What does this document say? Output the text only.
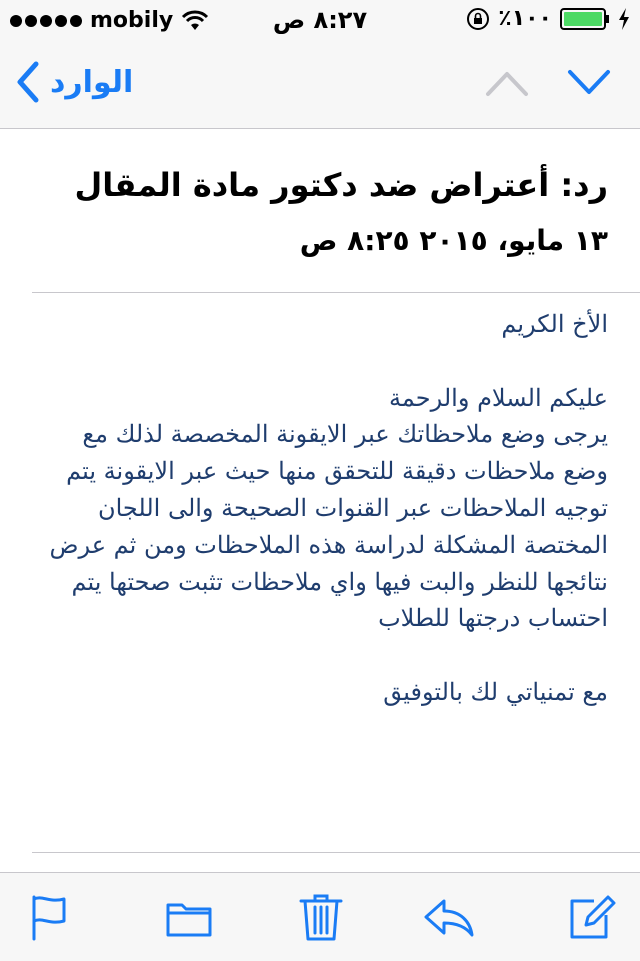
mobily	٨:٢٧ ص	٪١٠٠
الوارد
رد: أعتراض ضد دكتور مادة المقال
١٣ مايو، ٢٠١٥ ٨:٢٥ ص

الأخ الكريم

عليكم السلام والرحمة

يرجى وضع ملاحظاتك عبر الايقونة المخصصة لذلك مع

وضع ملاحظات دقيقة للتحقق منها حيث عبر الايقونة يتم

توجيه الملاحظات عبر القنوات الصحيحة والى اللجان

المختصة المشكلة لدراسة هذه الملاحظات ومن ثم عرض

نتائجها للنظر والبت فيها واي ملاحظات تثبت صحتها يتم

احتساب درجتها للطلاب

مع تمنياتي لك بالتوفيق
